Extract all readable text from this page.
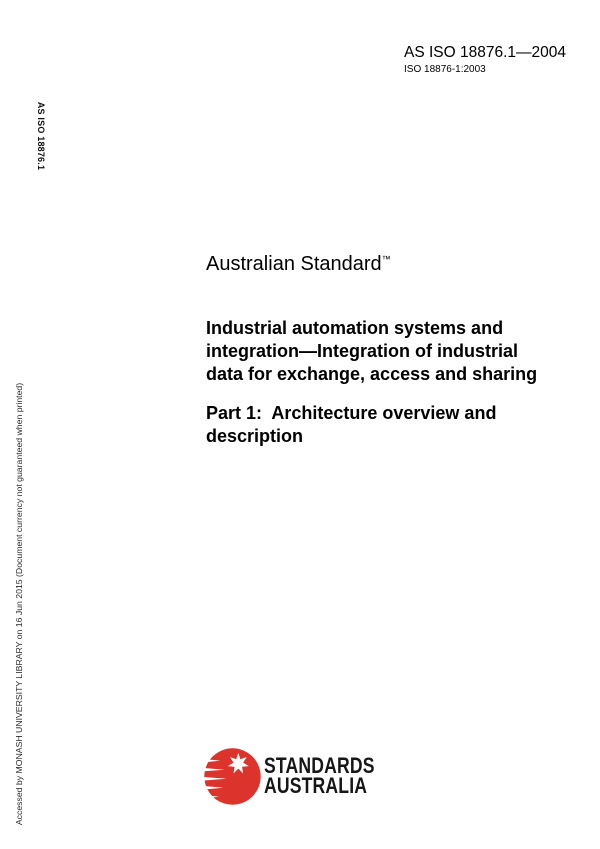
AS ISO 18876.1—2004
ISO 18876-1:2003
AS ISO 18876.1
Accessed by MONASH UNIVERSITY LIBRARY on 16 Jun 2015 (Document currency not guaranteed when printed)
Australian Standard™
Industrial automation systems and
integration—Integration of industrial
data for exchange, access and sharing
Part 1:  Architecture overview and
description
STANDARDS
AUSTRALIA
